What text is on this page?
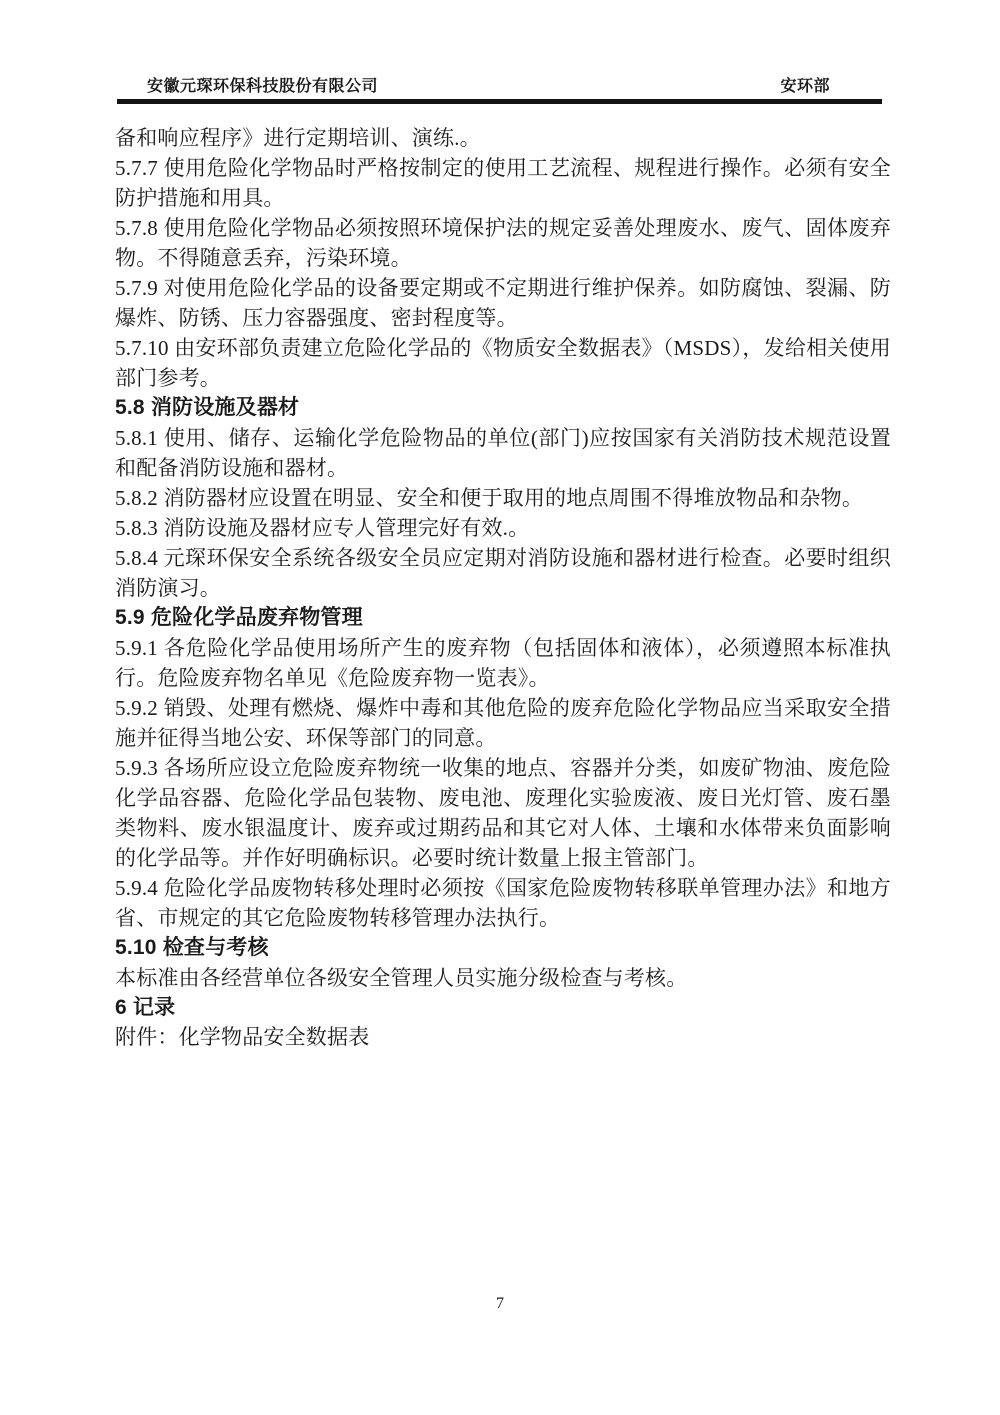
安徽元琛环保科技股份有限公司	安环部
备和响应程序》进行定期培训、演练.。
5.7.7 使用危险化学物品时严格按制定的使用工艺流程、规程进行操作。必须有安全防护措施和用具。
5.7.8 使用危险化学物品必须按照环境保护法的规定妥善处理废水、废气、固体废弃物。不得随意丢弃，污染环境。
5.7.9 对使用危险化学品的设备要定期或不定期进行维护保养。如防腐蚀、裂漏、防爆炸、防锈、压力容器强度、密封程度等。
5.7.10 由安环部负责建立危险化学品的《物质安全数据表》（MSDS），发给相关使用部门参考。
5.8 消防设施及器材
5.8.1 使用、储存、运输化学危险物品的单位(部门)应按国家有关消防技术规范设置和配备消防设施和器材。
5.8.2 消防器材应设置在明显、安全和便于取用的地点周围不得堆放物品和杂物。
5.8.3 消防设施及器材应专人管理完好有效.。
5.8.4 元琛环保安全系统各级安全员应定期对消防设施和器材进行检查。必要时组织消防演习。
5.9 危险化学品废弃物管理
5.9.1 各危险化学品使用场所产生的废弃物（包括固体和液体），必须遵照本标准执行。危险废弃物名单见《危险废弃物一览表》。
5.9.2 销毁、处理有燃烧、爆炸中毒和其他危险的废弃危险化学物品应当采取安全措施并征得当地公安、环保等部门的同意。
5.9.3 各场所应设立危险废弃物统一收集的地点、容器并分类，如废矿物油、废危险化学品容器、危险化学品包装物、废电池、废理化实验废液、废日光灯管、废石墨类物料、废水银温度计、废弃或过期药品和其它对人体、土壤和水体带来负面影响的化学品等。并作好明确标识。必要时统计数量上报主管部门。
5.9.4 危险化学品废物转移处理时必须按《国家危险废物转移联单管理办法》和地方省、市规定的其它危险废物转移管理办法执行。
5.10 检查与考核
本标准由各经营单位各级安全管理人员实施分级检查与考核。
6 记录
附件：化学物品安全数据表
7
